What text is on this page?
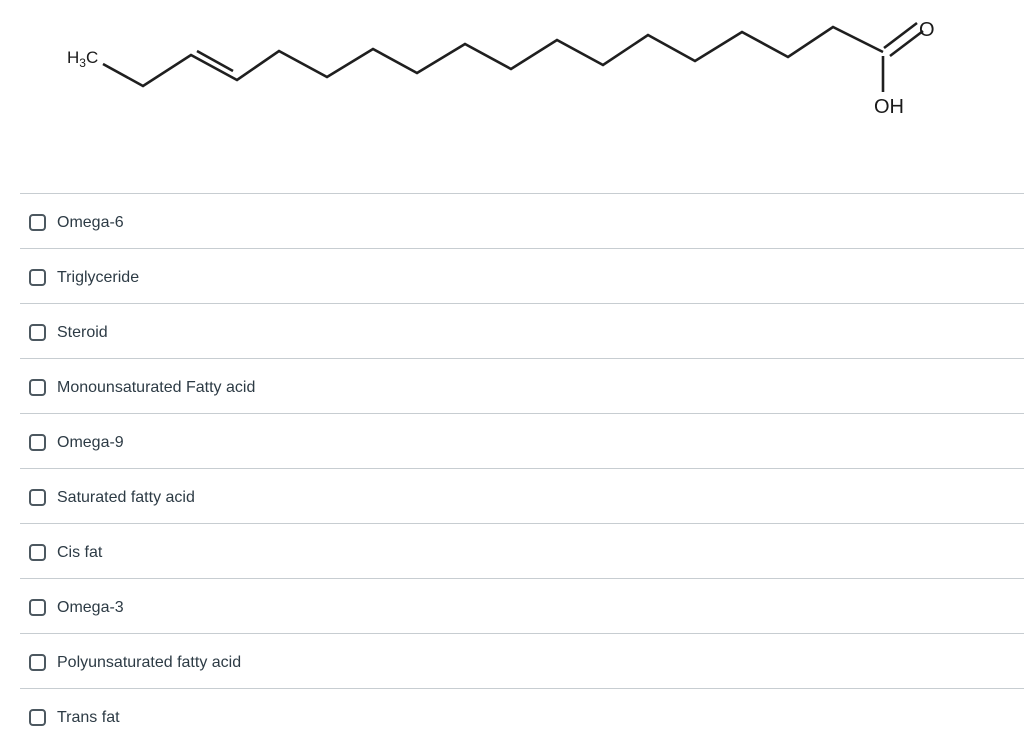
$H_3C$
O
OH
Omega-6
Triglyceride
Steroid
Monounsaturated Fatty acid
Omega-9
Saturated fatty acid
Cis fat
Omega-3
Polyunsaturated fatty acid
Trans fat
